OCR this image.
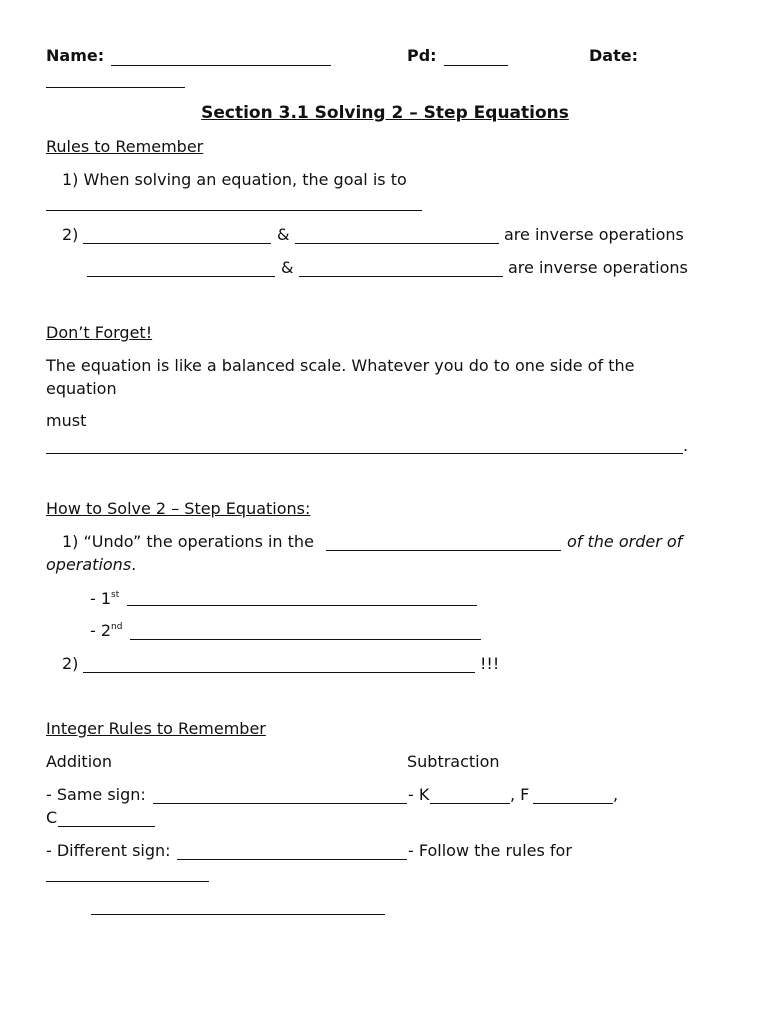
Name:	Pd:	Date:
Section 3.1 Solving 2 – Step Equations
Rules to Remember
1) When solving an equation, the goal is to
2)	&	are inverse operations
&	are inverse operations
Don’t Forget!
The equation is like a balanced scale. Whatever you do to one side of the
equation
must
.
How to Solve 2 – Step Equations:
1) “Undo” the operations in the	of the order of
operations.
- 1st
- 2nd
2)	!!!
Integer Rules to Remember
Addition	Subtraction
- Same sign:	- K	, F	,
C
- Different sign:	- Follow the rules for
